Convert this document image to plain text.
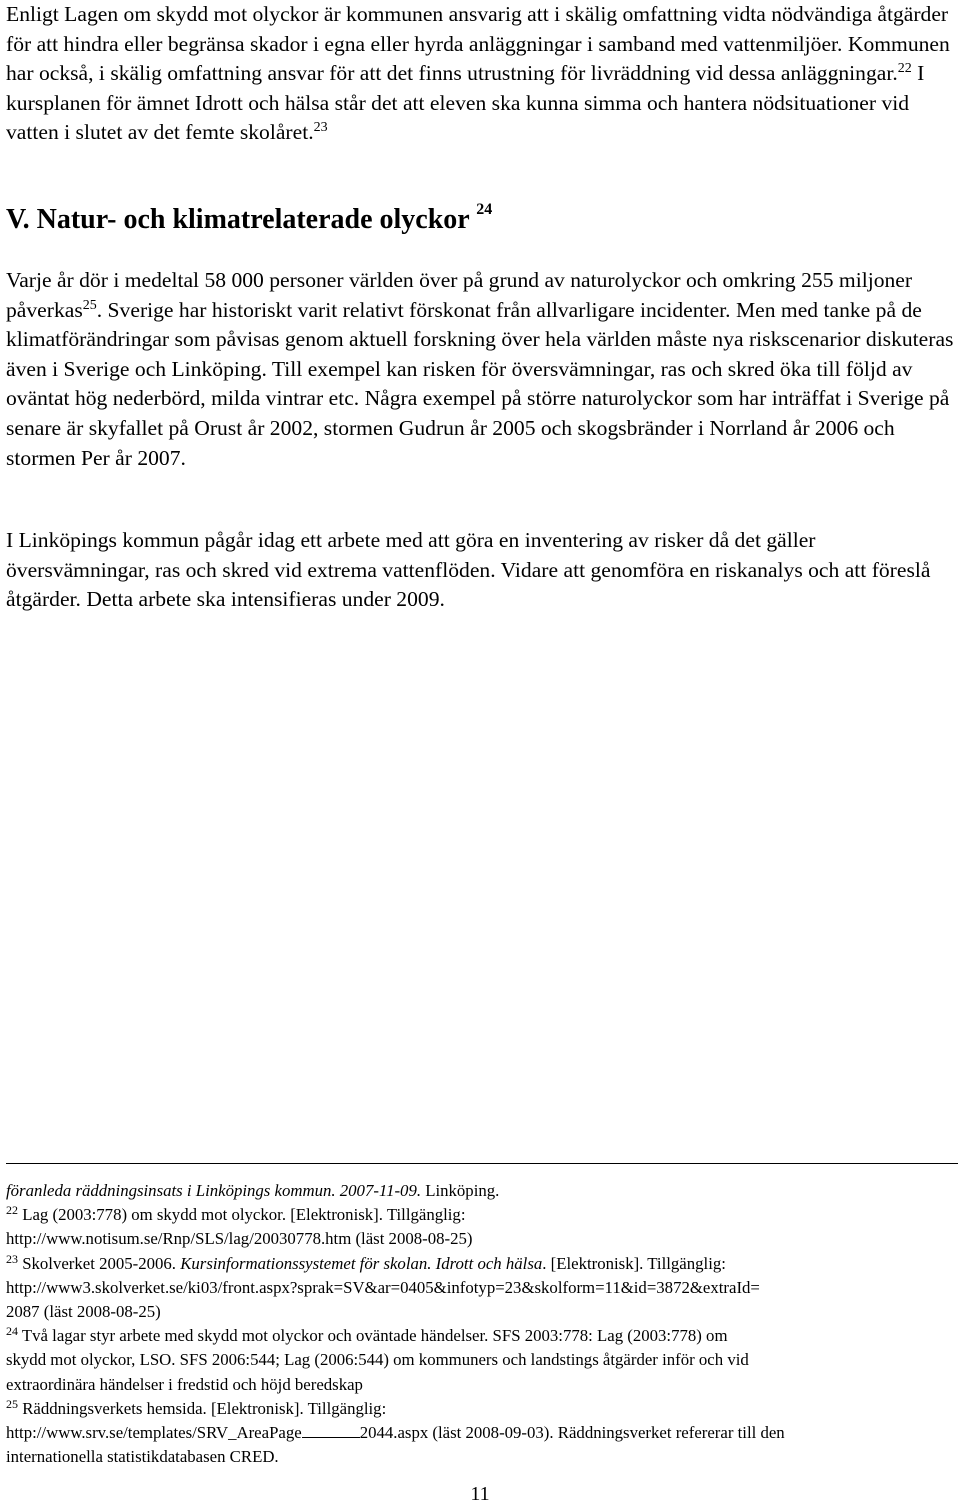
Enligt Lagen om skydd mot olyckor är kommunen ansvarig att i skälig omfattning vidta nödvändiga åtgärder för att hindra eller begränsa skador i egna eller hyrda anläggningar i samband med vattenmiljöer. Kommunen har också, i skälig omfattning ansvar för att det finns utrustning för livräddning vid dessa anläggningar.$^{22}$ I kursplanen för ämnet Idrott och hälsa står det att eleven ska kunna simma och hantera nödsituationer vid vatten i slutet av det femte skolåret.$^{23}$

V. Natur- och klimatrelaterade olyckor $^{24}$

Varje år dör i medeltal 58 000 personer världen över på grund av naturolyckor och omkring 255 miljoner påverkas$^{25}$. Sverige har historiskt varit relativt förskonat från allvarligare incidenter. Men med tanke på de klimatförändringar som påvisas genom aktuell forskning över hela världen måste nya riskscenarior diskuteras även i Sverige och Linköping. Till exempel kan risken för översvämningar, ras och skred öka till följd av oväntat hög nederbörd, milda vintrar etc. Några exempel på större naturolyckor som har inträffat i Sverige på senare är skyfallet på Orust år 2002, stormen Gudrun år 2005 och skogsbränder i Norrland år 2006 och stormen Per år 2007.

I Linköpings kommun pågår idag ett arbete med att göra en inventering av risker då det gäller översvämningar, ras och skred vid extrema vattenflöden. Vidare att genomföra en riskanalys och att föreslå åtgärder. Detta arbete ska intensifieras under 2009.

föranleda räddningsinsats i Linköpings kommun. 2007-11-09. Linköping.
$^{22}$ Lag (2003:778) om skydd mot olyckor. [Elektronisk]. Tillgänglig:
http://www.notisum.se/Rnp/SLS/lag/20030778.htm (läst 2008-08-25)
$^{23}$ Skolverket 2005-2006. Kursinformationssystemet för skolan. Idrott och hälsa. [Elektronisk]. Tillgänglig:
http://www3.skolverket.se/ki03/front.aspx?sprak=SV&ar=0405&infotyp=23&skolform=11&id=3872&extraId=
2087 (läst 2008-08-25)
$^{24}$ Två lagar styr arbete med skydd mot olyckor och oväntade händelser. SFS 2003:778: Lag (2003:778) om
skydd mot olyckor, LSO. SFS 2006:544; Lag (2006:544) om kommuners och landstings åtgärder inför och vid
extraordinära händelser i fredstid och höjd beredskap
$^{25}$ Räddningsverkets hemsida. [Elektronisk]. Tillgänglig:
http://www.srv.se/templates/SRV_AreaPage	2044.aspx (läst 2008-09-03). Räddningsverket refererar till den
internationella statistikdatabasen CRED.
11
